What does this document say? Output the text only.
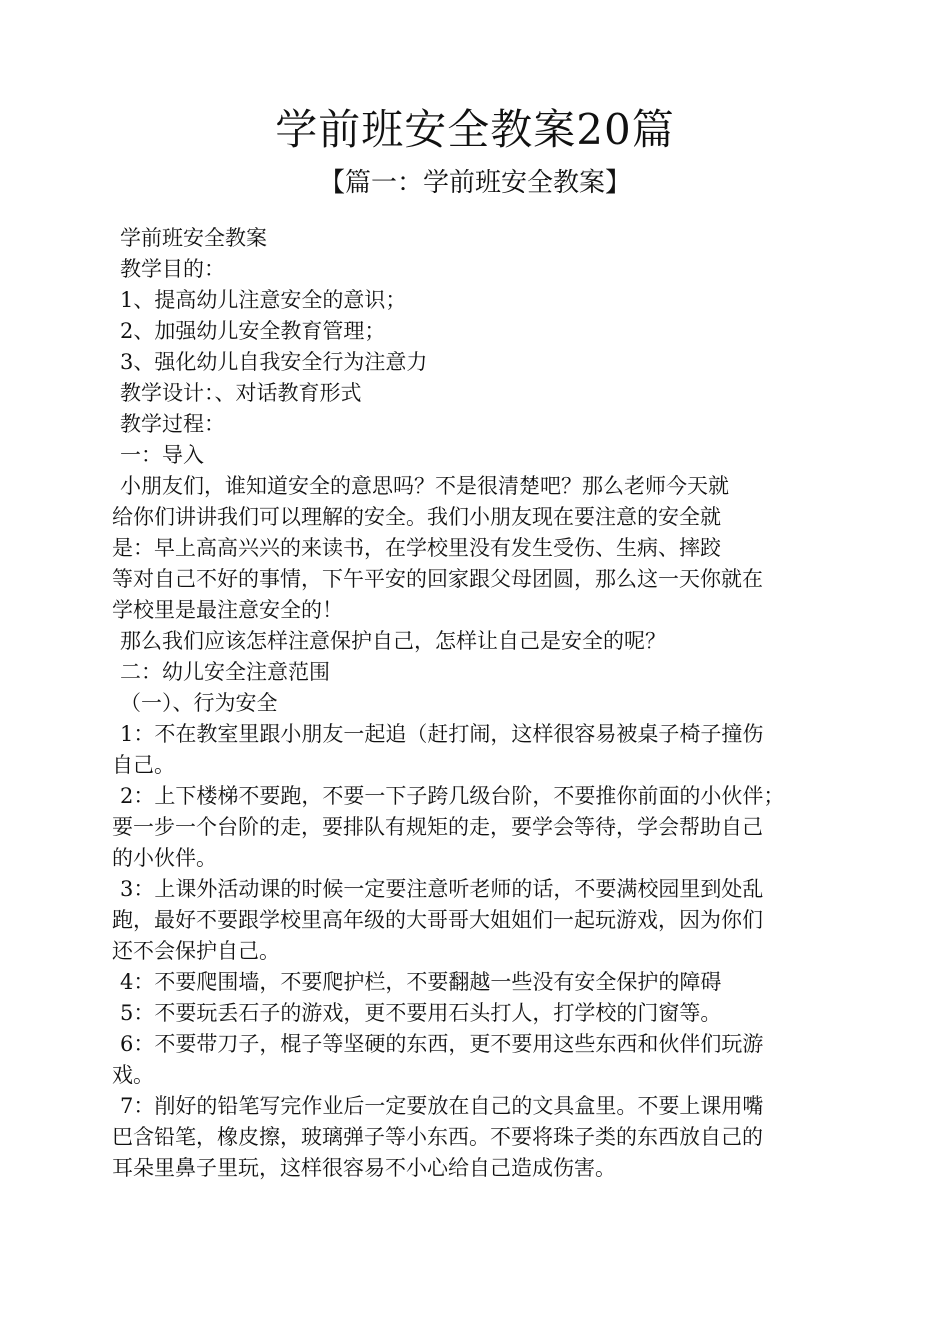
学前班安全教案20篇
【篇一：学前班安全教案】
学前班安全教案
教学目的：
1、提高幼儿注意安全的意识；
2、加强幼儿安全教育管理；
3、强化幼儿自我安全行为注意力
教学设计：、对话教育形式
教学过程：
一：导入
小朋友们，谁知道安全的意思吗？不是很清楚吧？那么老师今天就
给你们讲讲我们可以理解的安全。我们小朋友现在要注意的安全就
是：早上高高兴兴的来读书，在学校里没有发生受伤、生病、摔跤
等对自己不好的事情，下午平安的回家跟父母团圆，那么这一天你就在
学校里是最注意安全的！
那么我们应该怎样注意保护自己，怎样让自己是安全的呢？
二：幼儿安全注意范围
（一）、行为安全
1：不在教室里跟小朋友一起追（赶打闹，这样很容易被桌子椅子撞伤
自己。
2：上下楼梯不要跑，不要一下子跨几级台阶，不要推你前面的小伙伴；
要一步一个台阶的走，要排队有规矩的走，要学会等待，学会帮助自己
的小伙伴。
3：上课外活动课的时候一定要注意听老师的话，不要满校园里到处乱
跑，最好不要跟学校里高年级的大哥哥大姐姐们一起玩游戏，因为你们
还不会保护自己。
4：不要爬围墙，不要爬护栏，不要翻越一些没有安全保护的障碍
5：不要玩丢石子的游戏，更不要用石头打人，打学校的门窗等。
6：不要带刀子，棍子等坚硬的东西，更不要用这些东西和伙伴们玩游
戏。
7：削好的铅笔写完作业后一定要放在自己的文具盒里。不要上课用嘴
巴含铅笔，橡皮擦，玻璃弹子等小东西。不要将珠子类的东西放自己的
耳朵里鼻子里玩，这样很容易不小心给自己造成伤害。
